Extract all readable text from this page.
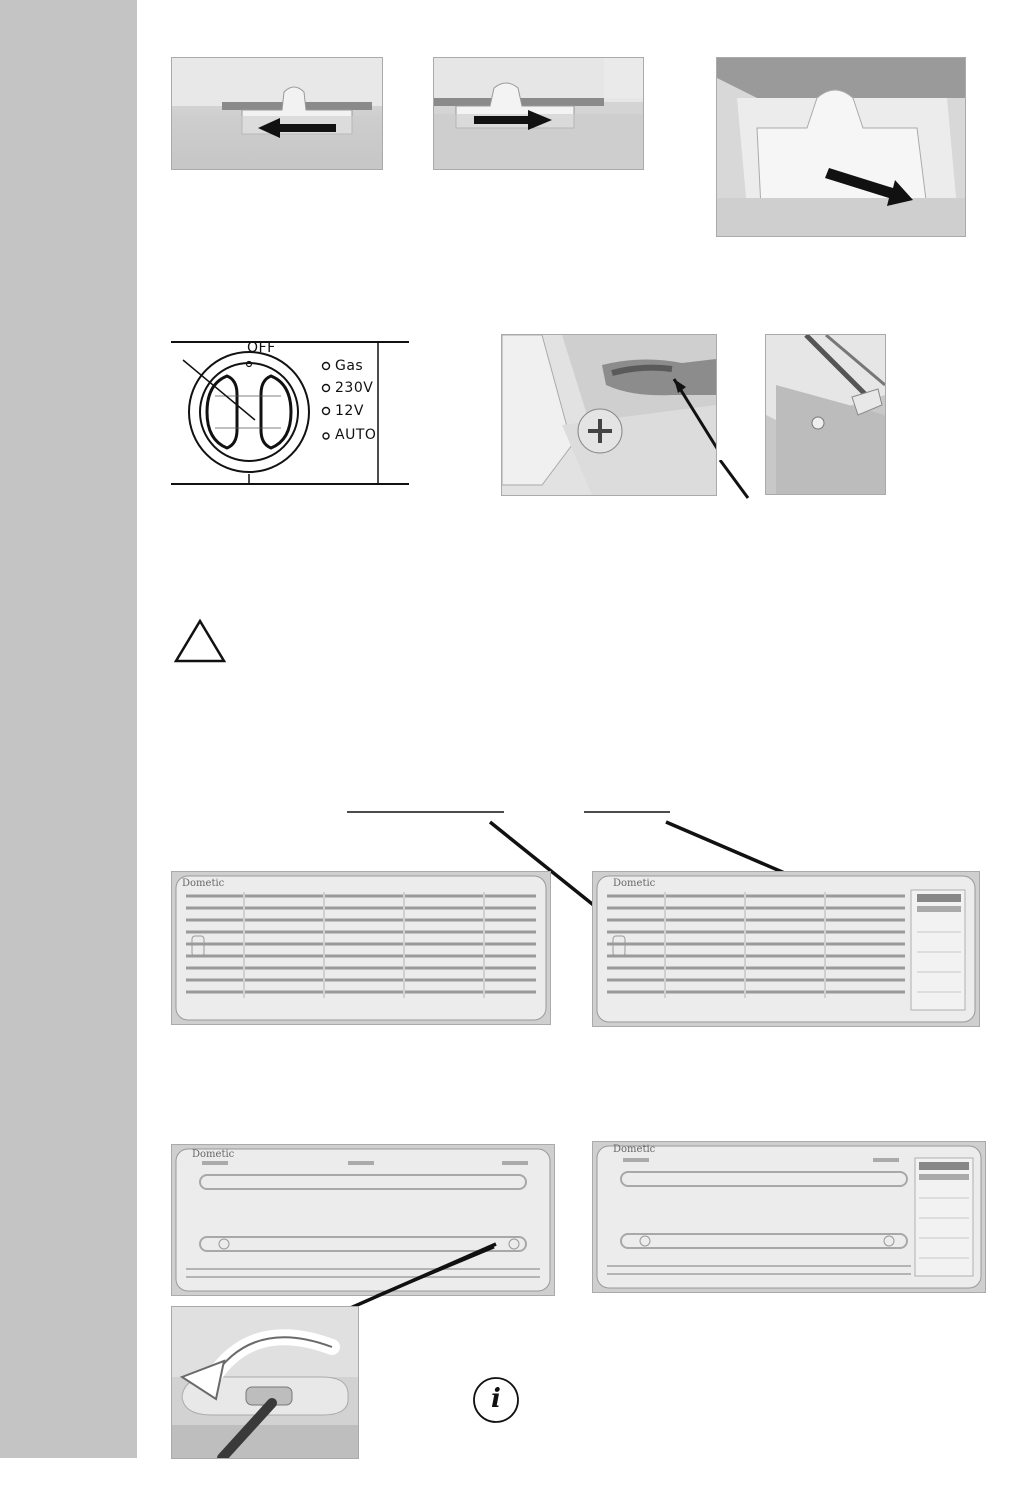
OFF
Gas
230V
12V
AUTO
Dometic	Dometic
Dometic	Dometic
i
